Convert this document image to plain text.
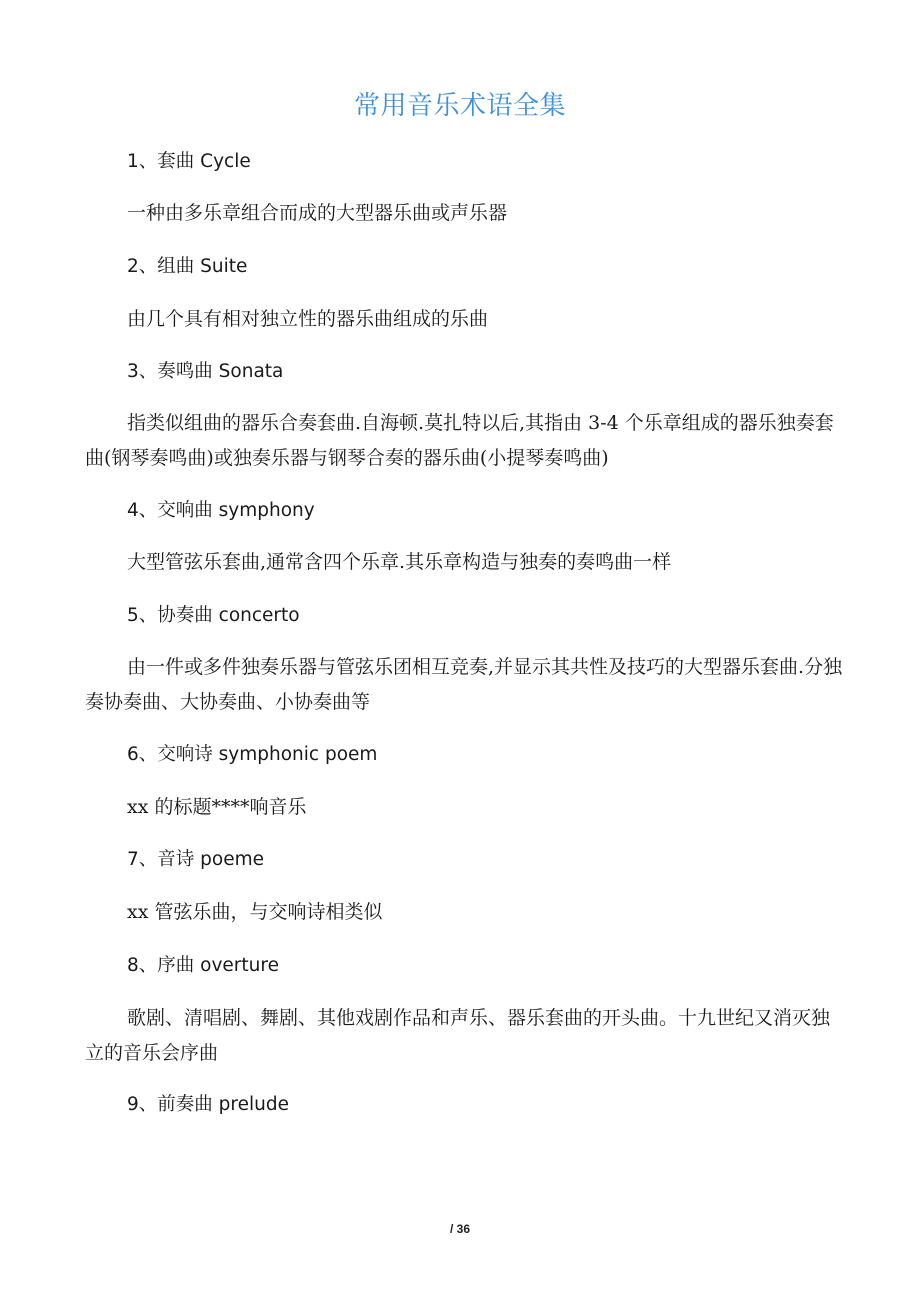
常用音乐术语全集
1、套曲 Cycle
一种由多乐章组合而成的大型器乐曲或声乐器
2、组曲 Suite
由几个具有相对独立性的器乐曲组成的乐曲
3、奏鸣曲 Sonata
指类似组曲的器乐合奏套曲.自海顿.莫扎特以后,其指由 3-4 个乐章组成的器乐独奏套曲(钢琴奏鸣曲)或独奏乐器与钢琴合奏的器乐曲(小提琴奏鸣曲)
4、交响曲 symphony
大型管弦乐套曲,通常含四个乐章.其乐章构造与独奏的奏鸣曲一样
5、协奏曲 concerto
由一件或多件独奏乐器与管弦乐团相互竞奏,并显示其共性及技巧的大型器乐套曲.分独奏协奏曲、大协奏曲、小协奏曲等
6、交响诗 symphonic poem
xx 的标题****响音乐
7、音诗 poeme
xx 管弦乐曲，与交响诗相类似
8、序曲 overture
歌剧、清唱剧、舞剧、其他戏剧作品和声乐、器乐套曲的开头曲。十九世纪又消灭独立的音乐会序曲
9、前奏曲 prelude
/ 36
